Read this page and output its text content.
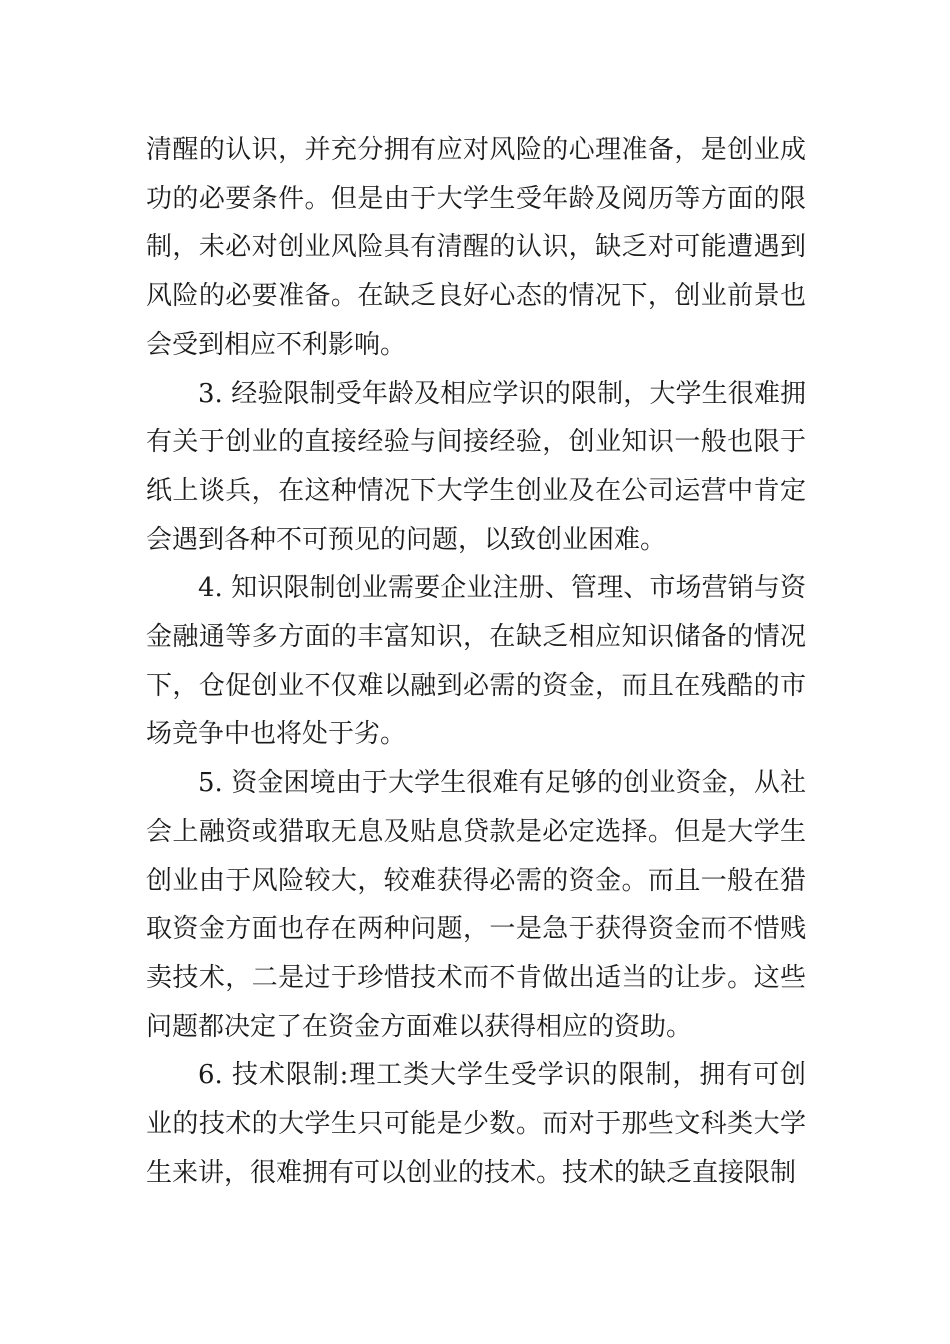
清醒的认识，并充分拥有应对风险的心理准备，是创业成功的必要条件。但是由于大学生受年龄及阅历等方面的限制，未必对创业风险具有清醒的认识，缺乏对可能遭遇到风险的必要准备。在缺乏良好心态的情况下，创业前景也会受到相应不利影响。

3. 经验限制受年龄及相应学识的限制，大学生很难拥有关于创业的直接经验与间接经验，创业知识一般也限于纸上谈兵，在这种情况下大学生创业及在公司运营中肯定会遇到各种不可预见的问题，以致创业困难。

4. 知识限制创业需要企业注册、管理、市场营销与资金融通等多方面的丰富知识，在缺乏相应知识储备的情况下，仓促创业不仅难以融到必需的资金，而且在残酷的市场竞争中也将处于劣。

5. 资金困境由于大学生很难有足够的创业资金，从社会上融资或猎取无息及贴息贷款是必定选择。但是大学生创业由于风险较大，较难获得必需的资金。而且一般在猎取资金方面也存在两种问题，一是急于获得资金而不惜贱卖技术，二是过于珍惜技术而不肯做出适当的让步。这些问题都决定了在资金方面难以获得相应的资助。

6. 技术限制:理工类大学生受学识的限制，拥有可创业的技术的大学生只可能是少数。而对于那些文科类大学生来讲，很难拥有可以创业的技术。技术的缺乏直接限制
